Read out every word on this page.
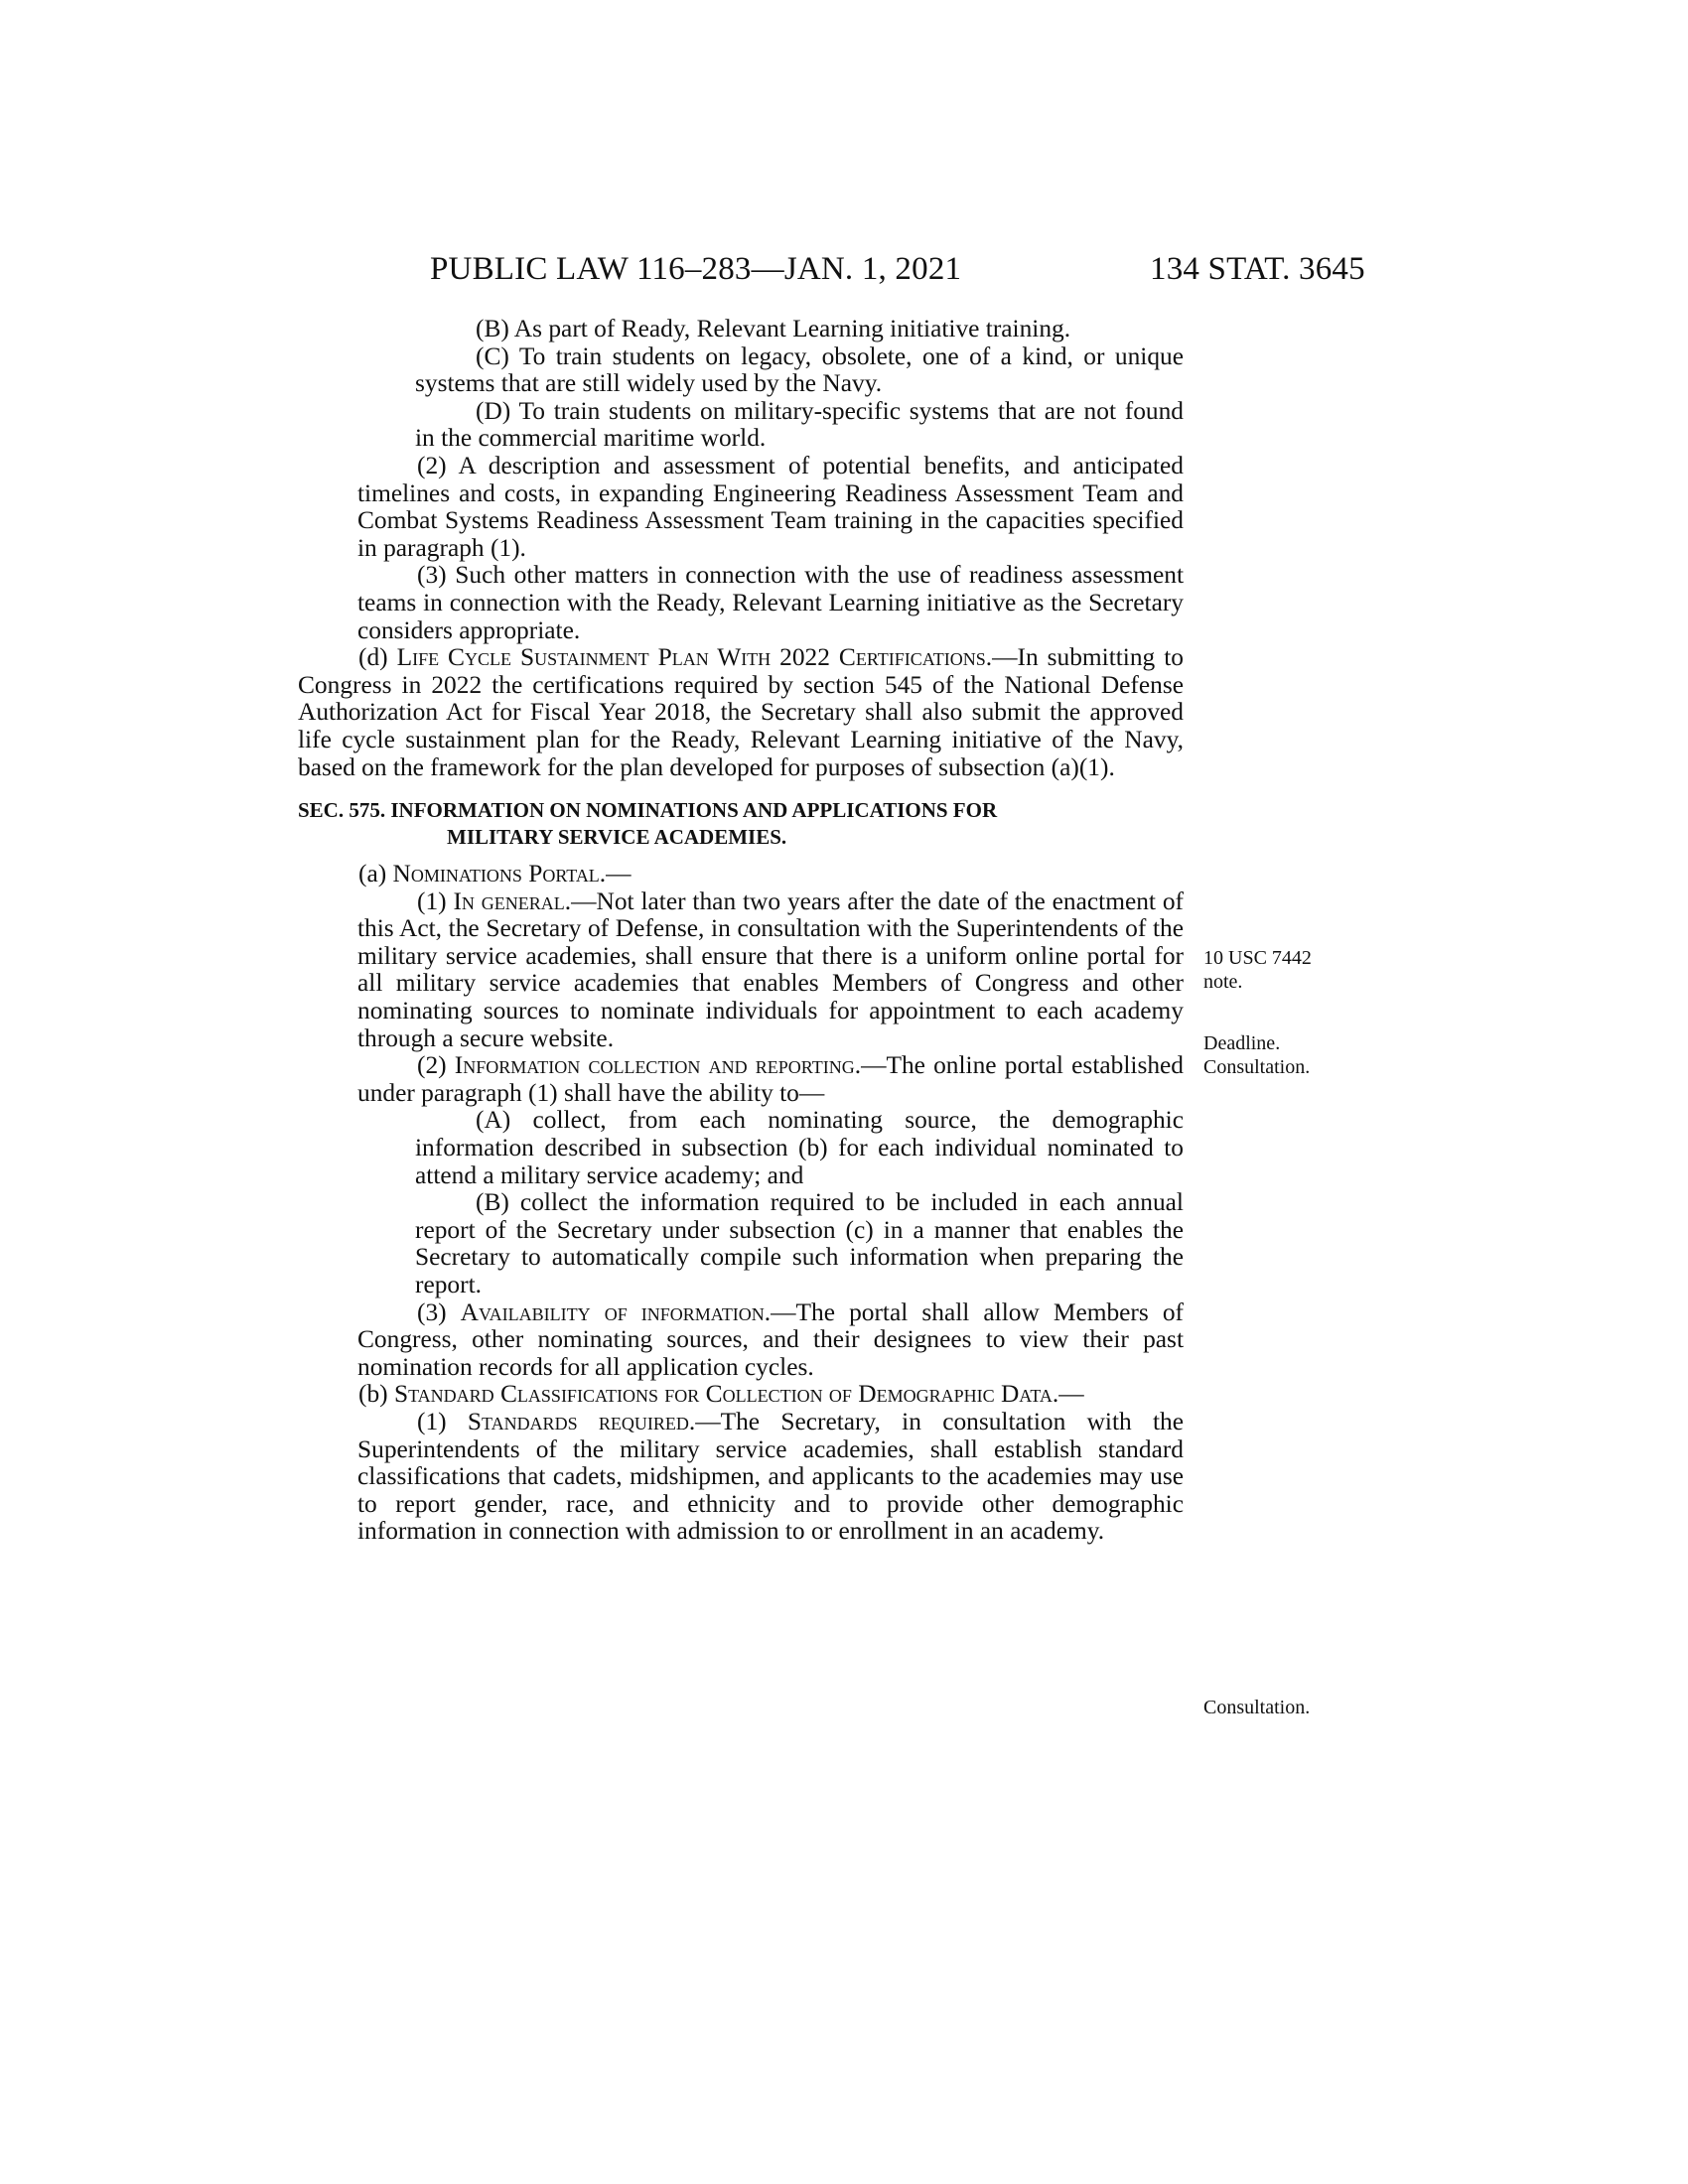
PUBLIC LAW 116–283—JAN. 1, 2021	134 STAT. 3645

(B) As part of Ready, Relevant Learning initiative training.

(C) To train students on legacy, obsolete, one of a kind, or unique systems that are still widely used by the Navy.

(D) To train students on military-specific systems that are not found in the commercial maritime world.

(2) A description and assessment of potential benefits, and anticipated timelines and costs, in expanding Engineering Readiness Assessment Team and Combat Systems Readiness Assessment Team training in the capacities specified in paragraph (1).

(3) Such other matters in connection with the use of readiness assessment teams in connection with the Ready, Relevant Learning initiative as the Secretary considers appropriate.

(d) Life Cycle Sustainment Plan With 2022 Certifications.—In submitting to Congress in 2022 the certifications required by section 545 of the National Defense Authorization Act for Fiscal Year 2018, the Secretary shall also submit the approved life cycle sustainment plan for the Ready, Relevant Learning initiative of the Navy, based on the framework for the plan developed for purposes of subsection (a)(1).

SEC. 575. INFORMATION ON NOMINATIONS AND APPLICATIONS FOR
MILITARY SERVICE ACADEMIES.

(a) Nominations Portal.—

(1) In general.—Not later than two years after the date of the enactment of this Act, the Secretary of Defense, in consultation with the Superintendents of the military service academies, shall ensure that there is a uniform online portal for all military service academies that enables Members of Congress and other nominating sources to nominate individuals for appointment to each academy through a secure website.

(2) Information collection and reporting.—The online portal established under paragraph (1) shall have the ability to—

(A) collect, from each nominating source, the demographic information described in subsection (b) for each individual nominated to attend a military service academy; and

(B) collect the information required to be included in each annual report of the Secretary under subsection (c) in a manner that enables the Secretary to automatically compile such information when preparing the report.

(3) Availability of information.—The portal shall allow Members of Congress, other nominating sources, and their designees to view their past nomination records for all application cycles.

(b) Standard Classifications for Collection of Demographic Data.—

(1) Standards required.—The Secretary, in consultation with the Superintendents of the military service academies, shall establish standard classifications that cadets, midshipmen, and applicants to the academies may use to report gender, race, and ethnicity and to provide other demographic information in connection with admission to or enrollment in an academy.

10 USC 7442
note.
Deadline.
Consultation.
Consultation.
